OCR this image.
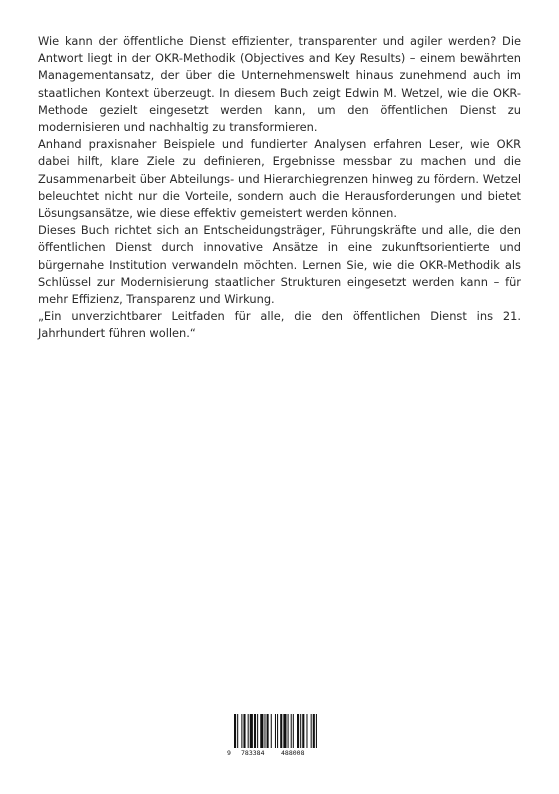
Wie kann der öffentliche Dienst effizienter, transparenter und agiler werden? Die Antwort liegt in der OKR-Methodik (Objectives and Key Results) – einem bewährten Managementansatz, der über die Unternehmenswelt hinaus zunehmend auch im staatlichen Kontext überzeugt. In diesem Buch zeigt Edwin M. Wetzel, wie die OKR-Methode gezielt eingesetzt werden kann, um den öffentlichen Dienst zu modernisieren und nachhaltig zu transformieren.

Anhand praxisnaher Beispiele und fundierter Analysen erfahren Leser, wie OKR dabei hilft, klare Ziele zu definieren, Ergebnisse messbar zu machen und die Zusammenarbeit über Abteilungs- und Hierarchiegrenzen hinweg zu fördern. Wetzel beleuchtet nicht nur die Vorteile, sondern auch die Herausforderungen und bietet Lösungsansätze, wie diese effektiv gemeistert werden können.

Dieses Buch richtet sich an Entscheidungsträger, Führungskräfte und alle, die den öffentlichen Dienst durch innovative Ansätze in eine zukunftsorientierte und bürgernahe Institution verwandeln möchten. Lernen Sie, wie die OKR-Methodik als Schlüssel zur Modernisierung staatlicher Strukturen eingesetzt werden kann – für mehr Effizienz, Transparenz und Wirkung.

„Ein unverzichtbarer Leitfaden für alle, die den öffentlichen Dienst ins 21. Jahrhundert führen wollen.“

9 783384	488008
